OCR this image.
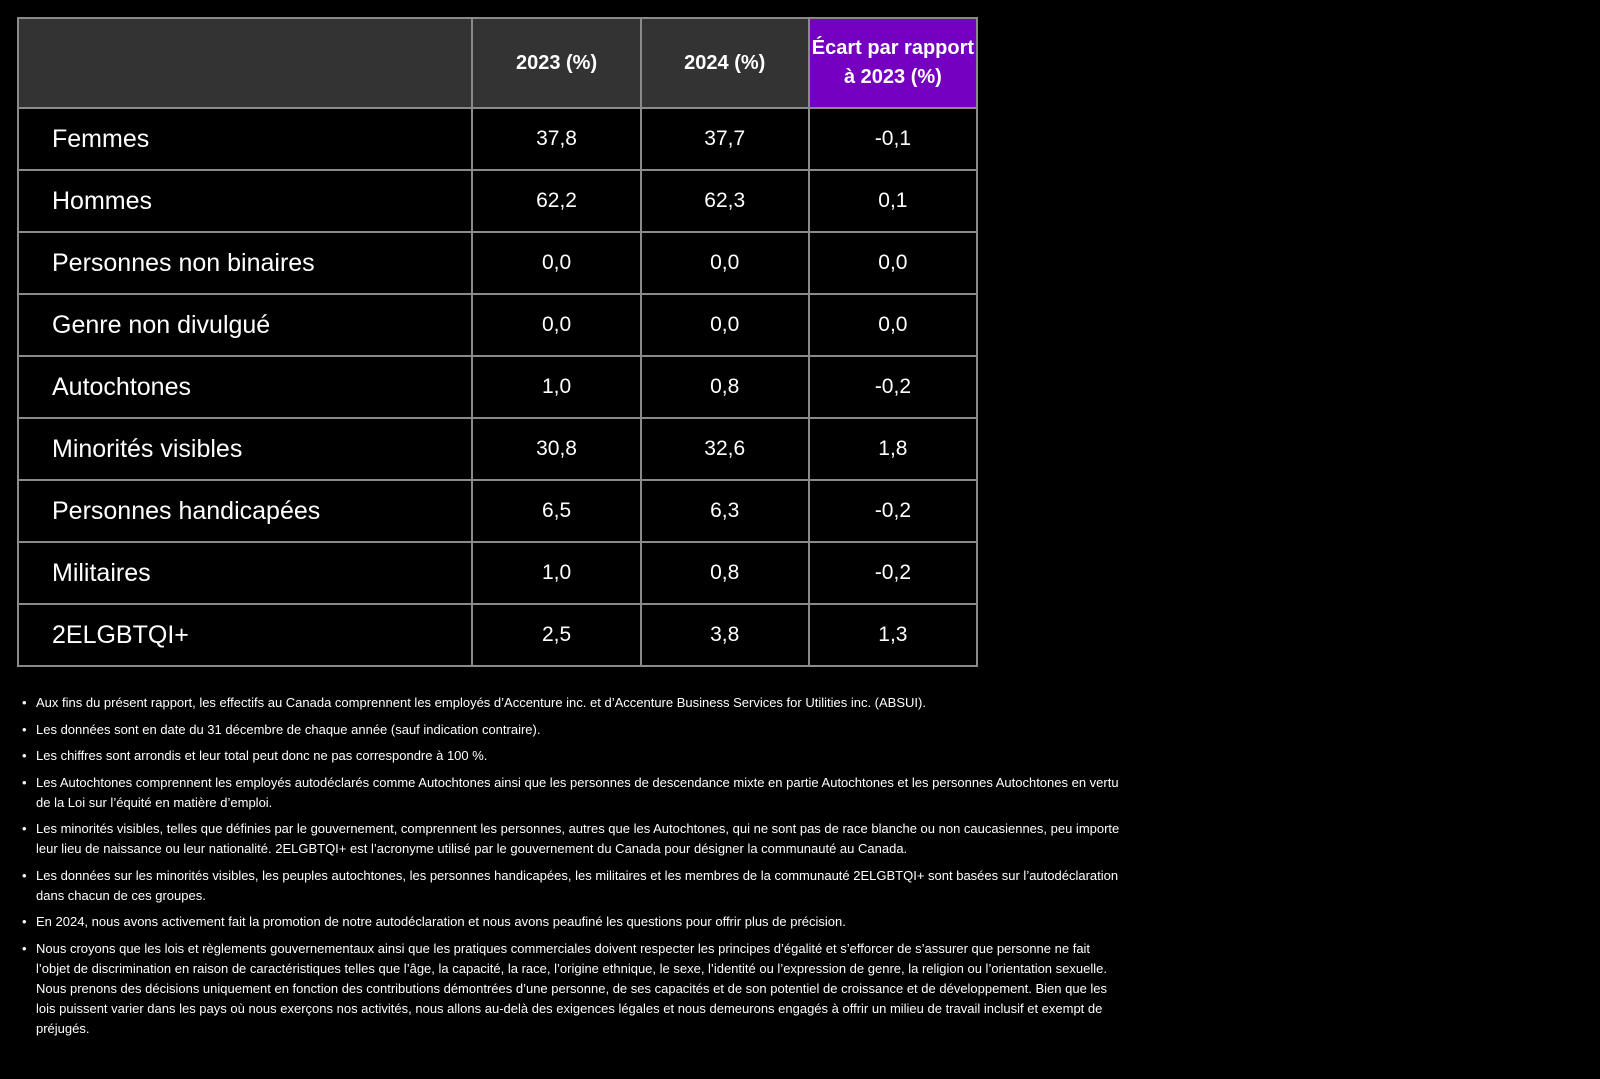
	2023 (%)	2024 (%)	Écart par rapport à 2023 (%)
Femmes	37,8	37,7	-0,1
Hommes	62,2	62,3	0,1
Personnes non binaires	0,0	0,0	0,0
Genre non divulgué	0,0	0,0	0,0
Autochtones	1,0	0,8	-0,2
Minorités visibles	30,8	32,6	1,8
Personnes handicapées	6,5	6,3	-0,2
Militaires	1,0	0,8	-0,2
2ELGBTQI+	2,5	3,8	1,3
• Aux fins du présent rapport, les effectifs au Canada comprennent les employés d’Accenture inc. et d’Accenture Business Services for Utilities inc. (ABSUI).
• Les données sont en date du 31 décembre de chaque année (sauf indication contraire).
• Les chiffres sont arrondis et leur total peut donc ne pas correspondre à 100 %.
• Les Autochtones comprennent les employés autodéclarés comme Autochtones ainsi que les personnes de descendance mixte en partie Autochtones et les personnes Autochtones en vertu de la Loi sur l’équité en matière d’emploi.
• Les minorités visibles, telles que définies par le gouvernement, comprennent les personnes, autres que les Autochtones, qui ne sont pas de race blanche ou non caucasiennes, peu importe leur lieu de naissance ou leur nationalité. 2ELGBTQI+ est l’acronyme utilisé par le gouvernement du Canada pour désigner la communauté au Canada.
• Les données sur les minorités visibles, les peuples autochtones, les personnes handicapées, les militaires et les membres de la communauté 2ELGBTQI+ sont basées sur l’autodéclaration dans chacun de ces groupes.
• En 2024, nous avons activement fait la promotion de notre autodéclaration et nous avons peaufiné les questions pour offrir plus de précision.
• Nous croyons que les lois et règlements gouvernementaux ainsi que les pratiques commerciales doivent respecter les principes d’égalité et s’efforcer de s’assurer que personne ne fait l’objet de discrimination en raison de caractéristiques telles que l’âge, la capacité, la race, l’origine ethnique, le sexe, l’identité ou l’expression de genre, la religion ou l’orientation sexuelle. Nous prenons des décisions uniquement en fonction des contributions démontrées d’une personne, de ses capacités et de son potentiel de croissance et de développement. Bien que les lois puissent varier dans les pays où nous exerçons nos activités, nous allons au-delà des exigences légales et nous demeurons engagés à offrir un milieu de travail inclusif et exempt de préjugés.
